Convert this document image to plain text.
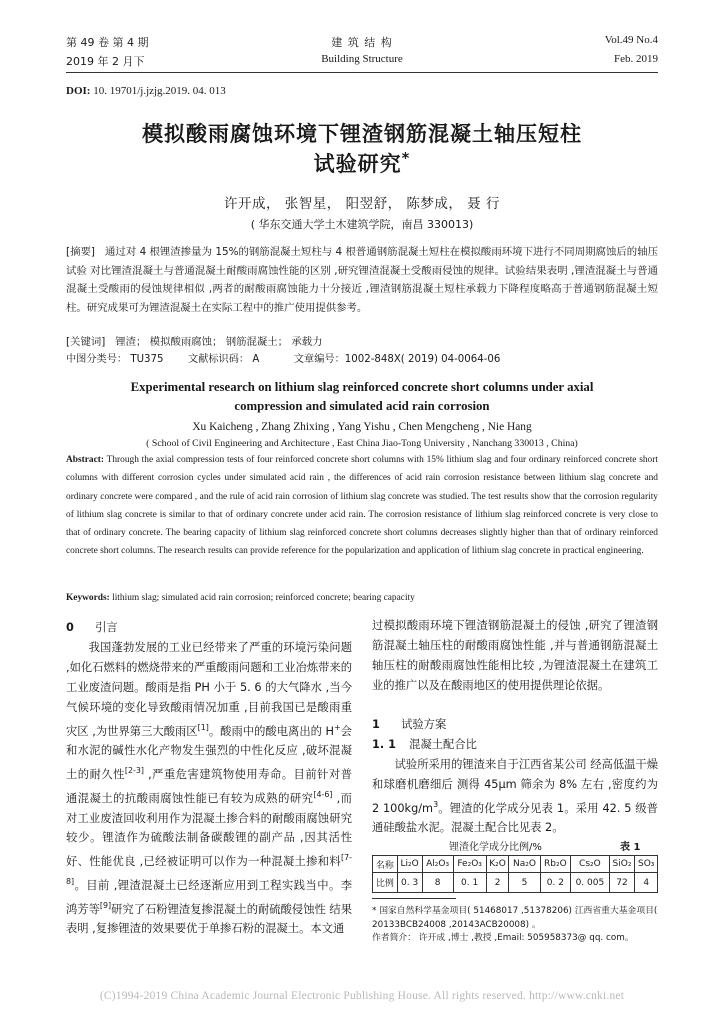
第 49 卷 第 4 期
2019 年 2 月下
建 筑 结 构
Building Structure
Vol.49 No.4
Feb. 2019
DOI: 10. 19701/j.jzjg.2019. 04. 013
模拟酸雨腐蚀环境下锂渣钢筋混凝土轴压短柱
试验研究*
许开成， 张智星， 阳翌舒， 陈梦成， 聂 行
( 华东交通大学土木建筑学院，南昌 330013)
[摘要] 通过对 4 根锂渣掺量为 15%的钢筋混凝土短柱与 4 根普通钢筋混凝土短柱在模拟酸雨环境下进行不同周期腐蚀后的轴压试验 对比锂渣混凝土与普通混凝土耐酸雨腐蚀性能的区别 ,研究锂渣混凝土受酸雨侵蚀的规律。试验结果表明 ,锂渣混凝土与普通混凝土受酸雨的侵蚀规律相似 ,两者的耐酸雨腐蚀能力十分接近 ,锂渣钢筋混凝土短柱承载力下降程度略高于普通钢筋混凝土短柱。研究成果可为锂渣混凝土在实际工程中的推广使用提供参考。
[关键词] 锂渣； 模拟酸雨腐蚀； 钢筋混凝土； 承载力
中图分类号： TU375 文献标识码： A	文章编号：1002-848X( 2019) 04-0064-06
Experimental research on lithium slag reinforced concrete short columns under axial
compression and simulated acid rain corrosion
Xu Kaicheng , Zhang Zhixing , Yang Yishu , Chen Mengcheng , Nie Hang
( School of Civil Engineering and Architecture , East China Jiao-Tong University , Nanchang 330013 , China)
Abstract: Through the axial compression tests of four reinforced concrete short columns with 15% lithium slag and four ordinary reinforced concrete short columns with different corrosion cycles under simulated acid rain , the differences of acid rain corrosion resistance between lithium slag concrete and ordinary concrete were compared , and the rule of acid rain corrosion of lithium slag concrete was studied. The test results show that the corrosion regularity of lithium slag concrete is similar to that of ordinary concrete under acid rain. The corrosion resistance of lithium slag reinforced concrete is very close to that of ordinary concrete. The bearing capacity of lithium slag reinforced concrete short columns decreases slightly higher than that of ordinary reinforced concrete short columns. The research results can provide reference for the popularization and application of lithium slag concrete in practical engineering.
Keywords: lithium slag; simulated acid rain corrosion; reinforced concrete; bearing capacity
0 引言
我国蓬勃发展的工业已经带来了严重的环境污染问题 ,如化石燃料的燃烧带来的严重酸雨问题和工业冶炼带来的工业废渣问题。酸雨是指 PH 小于 5. 6 的大气降水 ,当今气候环境的变化导致酸雨情况加重 ,目前我国已是酸雨重灾区 ,为世界第三大酸雨区[1]。酸雨中的酸电离出的 H+会和水泥的碱性水化产物发生强烈的中性化反应 ,破坏混凝土的耐久性[2-3] ,严重危害建筑物使用寿命。目前针对普通混凝土的抗酸雨腐蚀性能已有较为成熟的研究[4-6] ,而对工业废渣回收利用作为混凝土掺合料的耐酸雨腐蚀研究较少。锂渣作为硫酸法制备碳酸锂的副产品 ,因其活性好、性能优良 ,已经被证明可以作为一种混凝土掺和料[7-8]。目前 ,锂渣混凝土已经逐渐应用到工程实践当中。李鸿芳等[9]研究了石粉锂渣复掺混凝土的耐硫酸侵蚀性 结果表明 ,复掺锂渣的效果要优于单掺石粉的混凝土。本文通
过模拟酸雨环境下锂渣钢筋混凝土的侵蚀 ,研究了锂渣钢筋混凝土轴压柱的耐酸雨腐蚀性能 ,并与普通钢筋混凝土轴压柱的耐酸雨腐蚀性能相比较 ,为锂渣混凝土在建筑工业的推广以及在酸雨地区的使用提供理论依据。
1 试验方案
1. 1 混凝土配合比
试验所采用的锂渣来自于江西省某公司 经高低温干燥和球磨机磨细后 测得 45μm 筛余为 8% 左右 ,密度约为 2 $100kg/m^3$。锂渣的化学成分见表 1。采用 42. 5 级普通硅酸盐水泥。混凝土配合比见表 2。
锂渣化学成分比例/%	表 1
名称	Li₂O	Al₂O₃	Fe₂O₃	K₂O	Na₂O	Rb₂O	Cs₂O	SiO₂	SO₃
比例	0. 3	8	0. 1	2	5	0. 2	0. 005	72	4
* 国家自然科学基金项目( 51468017 ,51378206) 江西省重大基金项目( 20133BCB24008 ,20143ACB20008) 。
作者简介： 许开成 ,博士 ,教授 ,Email: 505958373@ qq. com。
(C)1994-2019 China Academic Journal Electronic Publishing House. All rights reserved. http://www.cnki.net
